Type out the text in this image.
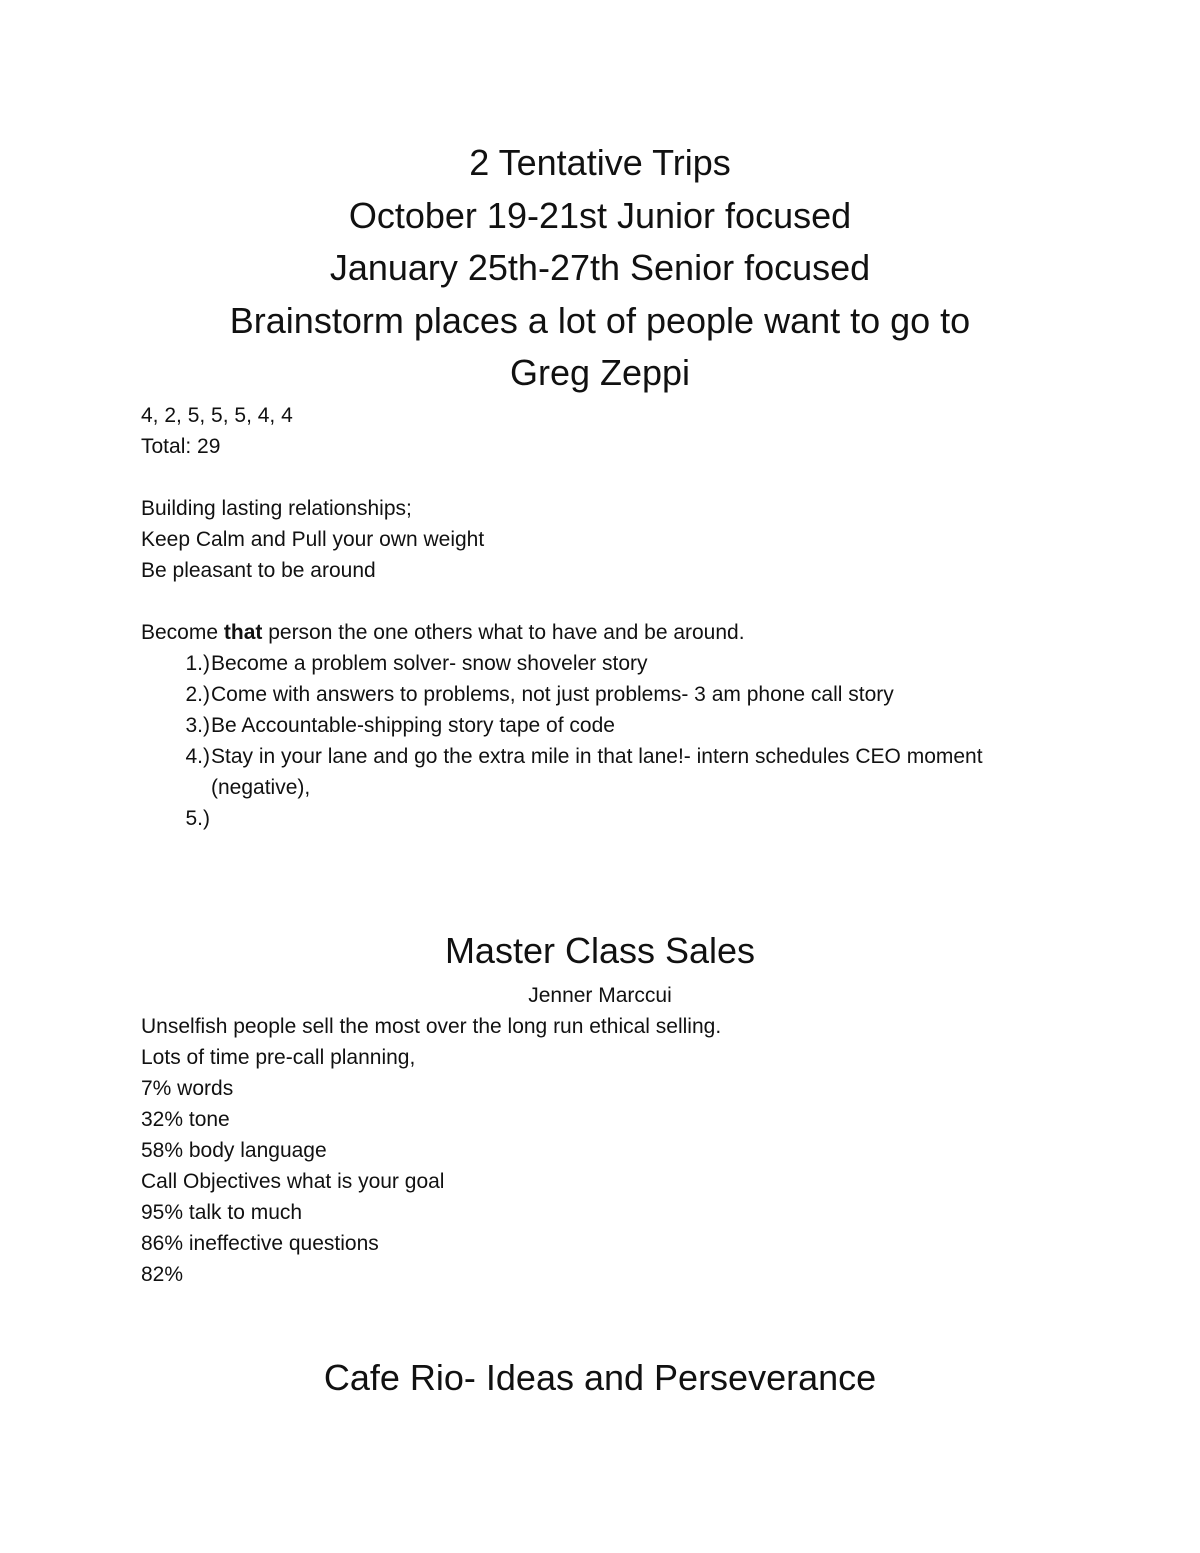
2 Tentative Trips
October 19-21st Junior focused
January 25th-27th Senior focused
Brainstorm places a lot of people want to go to
Greg Zeppi
4, 2, 5, 5, 5, 4, 4
Total: 29
Building lasting relationships;
Keep Calm and Pull your own weight
Be pleasant to be around
Become that person the one others what to have and be around.
1.) Become a problem solver- snow shoveler story
2.) Come with answers to problems, not just problems- 3 am phone call story
3.) Be Accountable-shipping story tape of code
4.) Stay in your lane and go the extra mile in that lane!- intern schedules CEO moment (negative),
5.)
Master Class Sales
Jenner Marccui
Unselfish people sell the most over the long run ethical selling.
Lots of time pre-call planning,
7% words
32% tone
58% body language
Call Objectives what is your goal
95% talk to much
86% ineffective questions
82%
Cafe Rio- Ideas and Perseverance
